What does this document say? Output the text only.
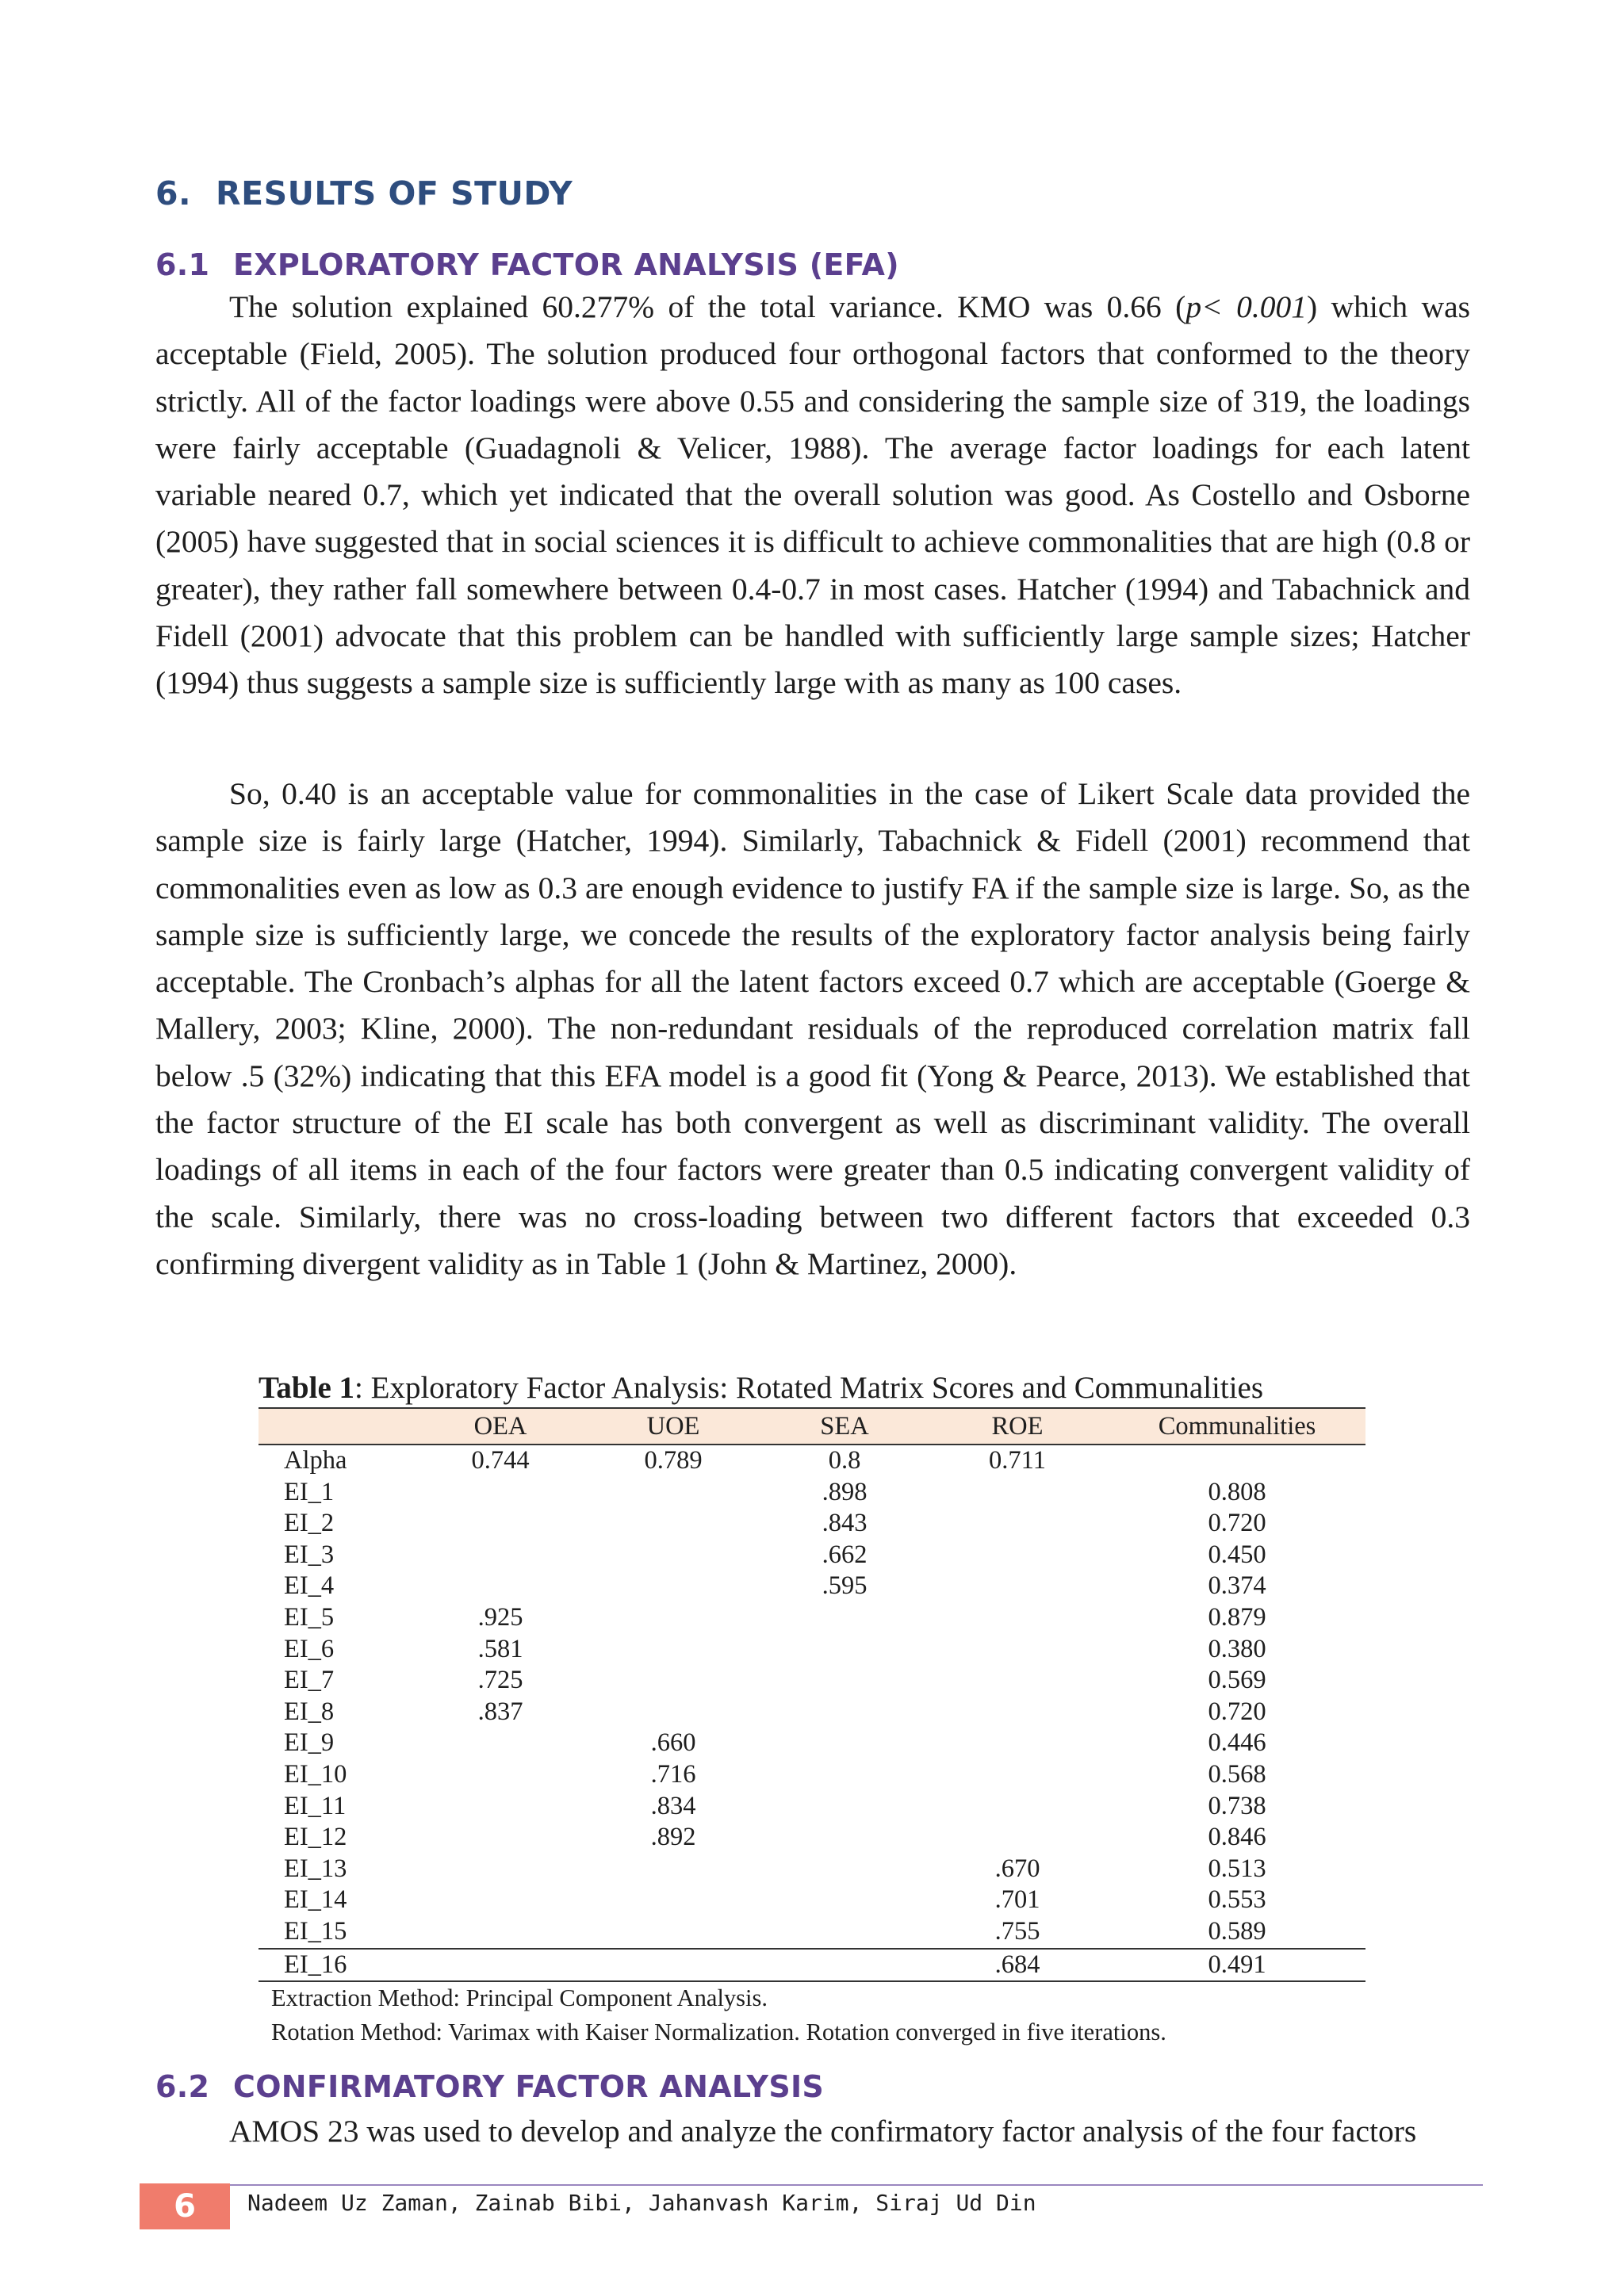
6. RESULTS OF STUDY
6.1 EXPLORATORY FACTOR ANALYSIS (EFA)

The solution explained 60.277% of the total variance. KMO was 0.66 (p< 0.001) which was acceptable (Field, 2005). The solution produced four orthogonal factors that conformed to the theory strictly. All of the factor loadings were above 0.55 and considering the sample size of 319, the loadings were fairly acceptable (Guadagnoli & Velicer, 1988). The average factor loadings for each latent variable neared 0.7, which yet indicated that the overall solution was good. As Costello and Osborne (2005) have suggested that in social sciences it is difficult to achieve commonalities that are high (0.8 or greater), they rather fall somewhere between 0.4-0.7 in most cases. Hatcher (1994) and Tabachnick and Fidell (2001) advocate that this problem can be handled with sufficiently large sample sizes; Hatcher (1994) thus suggests a sample size is sufficiently large with as many as 100 cases.

So, 0.40 is an acceptable value for commonalities in the case of Likert Scale data provided the sample size is fairly large (Hatcher, 1994). Similarly, Tabachnick & Fidell (2001) recommend that commonalities even as low as 0.3 are enough evidence to justify FA if the sample size is large. So, as the sample size is sufficiently large, we concede the results of the exploratory factor analysis being fairly acceptable. The Cronbach’s alphas for all the latent factors exceed 0.7 which are acceptable (Goerge & Mallery, 2003; Kline, 2000). The non-redundant residuals of the reproduced correlation matrix fall below .5 (32%) indicating that this EFA model is a good fit (Yong & Pearce, 2013). We established that the factor structure of the EI scale has both convergent as well as discriminant validity. The overall loadings of all items in each of the four factors were greater than 0.5 indicating convergent validity of the scale. Similarly, there was no cross-loading between two different factors that exceeded 0.3 confirming divergent validity as in Table 1 (John & Martinez, 2000).

Table 1: Exploratory Factor Analysis: Rotated Matrix Scores and Communalities

	OEA	UOE	SEA	ROE	Communalities
Alpha	0.744	0.789	0.8	0.711	
EI_1			.898		0.808
EI_2			.843		0.720
EI_3			.662		0.450
EI_4			.595		0.374
EI_5	.925				0.879
EI_6	.581				0.380
EI_7	.725				0.569
EI_8	.837				0.720
EI_9		.660			0.446
EI_10		.716			0.568
EI_11		.834			0.738
EI_12		.892			0.846
EI_13				.670	0.513
EI_14				.701	0.553
EI_15				.755	0.589
EI_16				.684	0.491

Extraction Method: Principal Component Analysis.

Rotation Method: Varimax with Kaiser Normalization. Rotation converged in five iterations.

6.2 CONFIRMATORY FACTOR ANALYSIS

AMOS 23 was used to develop and analyze the confirmatory factor analysis of the four factors

6	Nadeem Uz Zaman, Zainab Bibi, Jahanvash Karim, Siraj Ud Din
